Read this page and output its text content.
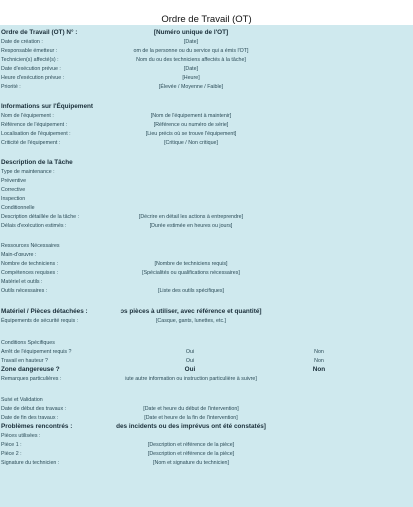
Ordre de Travail (OT)
Ordre de Travail (OT) N° :	[Numéro unique de l'OT]
Date de création :	[Date]
Responsable émetteur :	om de la personne ou du service qui a émis l'OT]
Technicien(s) affecté(s) :	Nom du ou des techniciens affectés à la tâche]
Date d'exécution prévue :	[Date]
Heure d'exécution prévue :	[Heure]
Priorité :	[Élevée / Moyenne / Faible]
Informations sur l'Équipement
Nom de l'équipement :	[Nom de l'équipement à maintenir]
Référence de l'équipement :	[Référence ou numéro de série]
Localisation de l'équipement :	[Lieu précis où se trouve l'équipement]
Criticité de l'équipement :	[Critique / Non critique]
Description de la Tâche
Type de maintenance :
Préventive
Corrective
Inspection
Conditionnelle
Description détaillée de la tâche :	[Décrire en détail les actions à entreprendre]
Délais d'exécution estimés :	[Durée estimée en heures ou jours]
Ressources Nécessaires
Main-d'œuvre :
Nombre de techniciens :	[Nombre de techniciens requis]
Compétences requises :	[Spécialités ou qualifications nécessaires]
Matériel et outils :
Outils nécessaires :	[Liste des outils spécifiques]
Matériel / Pièces détachées :	ɔs pièces à utiliser, avec référence et quantité]
Équipements de sécurité requis :	[Casque, gants, lunettes, etc.]
Conditions Spécifiques
Arrêt de l'équipement requis ?	Oui	Non
Travail en hauteur ?	Oui	Non
Zone dangereuse ?	Oui	Non
Remarques particulières :	iute autre information ou instruction particulière à suivre]
Suivi et Validation
Date de début des travaux :	[Date et heure du début de l'intervention]
Date de fin des travaux :	[Date et heure de la fin de l'intervention]
Problèmes rencontrés :	des incidents ou des imprévus ont été constatés]
Pièces utilisées :
Pièce 1 :	[Description et référence de la pièce]
Pièce 2 :	[Description et référence de la pièce]
Signature du technicien :	[Nom et signature du technicien]
